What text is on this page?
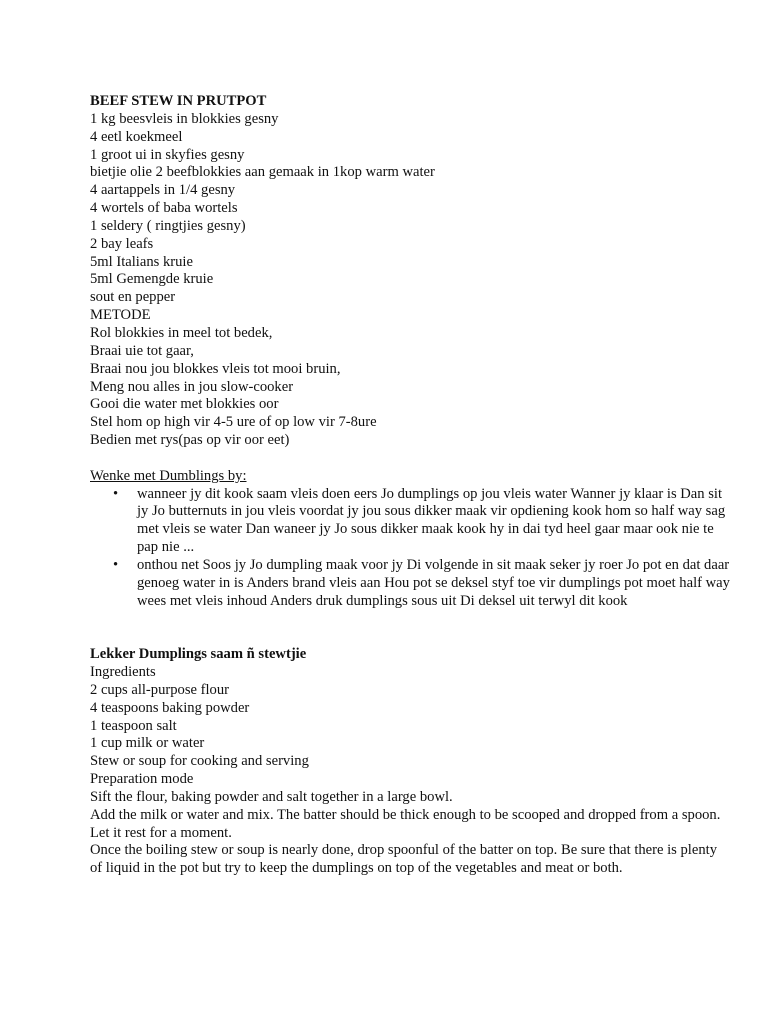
BEEF STEW IN PRUTPOT
1 kg beesvleis in blokkies gesny
4 eetl koekmeel
1 groot ui in skyfies gesny
bietjie olie 2 beefblokkies aan gemaak in 1kop warm water
4 aartappels in 1/4 gesny
4 wortels of baba wortels
1 seldery ( ringtjies gesny)
2 bay leafs
5ml Italians kruie
5ml Gemengde kruie
sout en pepper
METODE
Rol blokkies in meel tot bedek,
Braai uie tot gaar,
Braai nou jou blokkes vleis tot mooi bruin,
Meng nou alles in jou slow-cooker
Gooi die water met blokkies oor
Stel hom op high vir 4-5 ure of op low vir 7-8ure
Bedien met rys(pas op vir oor eet)
Wenke met Dumblings by:
• wanneer jy dit kook saam vleis doen eers Jo dumplings op jou vleis water Wanner jy klaar is Dan sit jy Jo butternuts in jou vleis voordat jy jou sous dikker maak vir opdiening kook hom so half way sag met vleis se water Dan waneer jy Jo sous dikker maak kook hy in dai tyd heel gaar maar ook nie te pap nie ...
• onthou net Soos jy Jo dumpling maak voor jy Di volgende in sit maak seker jy roer Jo pot en dat daar genoeg water in is Anders brand vleis aan Hou pot se deksel styf toe vir dumplings pot moet half way wees met vleis inhoud Anders druk dumplings sous uit Di deksel uit terwyl dit kook
Lekker Dumplings saam ñ stewtjie
Ingredients
2 cups all-purpose flour
4 teaspoons baking powder
1 teaspoon salt
1 cup milk or water
Stew or soup for cooking and serving
Preparation mode
Sift the flour, baking powder and salt together in a large bowl.
Add the milk or water and mix. The batter should be thick enough to be scooped and dropped from a spoon. Let it rest for a moment.
Once the boiling stew or soup is nearly done, drop spoonful of the batter on top. Be sure that there is plenty of liquid in the pot but try to keep the dumplings on top of the vegetables and meat or both.
